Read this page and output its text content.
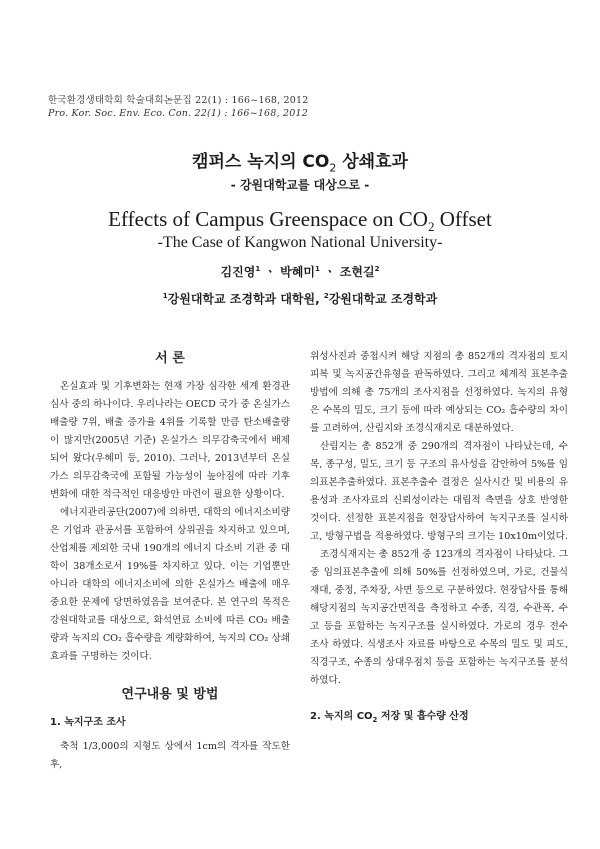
한국환경생태학회 학술대회논문집 22(1) : 166~168, 2012
Pro. Kor. Soc. Env. Eco. Con. 22(1) : 166~168, 2012
캠퍼스 녹지의 $CO_2$ 상쇄효과
- 강원대학교를 대상으로 -
Effects of Campus Greenspace on $CO_2$ Offset
-The Case of Kangwon National University-
김진영$^1$ ㆍ 박혜미$^1$ ㆍ 조현길$^2$
$^1$강원대학교 조경학과 대학원, $^2$강원대학교 조경학과
서 론

온실효과 및 기후변화는 현재 가장 심각한 세계 환경관심사 중의 하나이다. 우리나라는 OECD 국가 중 온실가스 배출량 7위, 배출 증가율 4위를 기록할 만큼 탄소배출량이 많지만(2005년 기준) 온실가스 의무감축국에서 배제되어 왔다(우혜미 등, 2010). 그러나, 2013년부터 온실가스 의무감축국에 포함될 가능성이 높아짐에 따라 기후변화에 대한 적극적인 대응방안 마련이 필요한 상황이다.

에너지관리공단(2007)에 의하면, 대학의 에너지소비량은 기업과 관공서를 포함하여 상위권을 차지하고 있으며, 산업체를 제외한 국내 190개의 에너지 다소비 기관 중 대학이 38개소로서 19%를 차지하고 있다. 이는 기업뿐만 아니라 대학의 에너지소비에 의한 온실가스 배출에 매우 중요한 문제에 당면하였음을 보여준다. 본 연구의 목적은 강원대학교를 대상으로, 화석연료 소비에 따른 CO₂ 배출량과 녹지의 CO₂ 흡수량을 계량화하여, 녹지의 CO₂ 상쇄효과를 구명하는 것이다.

연구내용 및 방법
1. 녹지구조 조사

축척 1/3,000의 지형도 상에서 1cm의 격자를 작도한 후,

위성사진과 중첩시켜 해당 지점의 총 852개의 격자점의 토지피복 및 녹지공간유형을 판독하였다. 그리고 체계적 표본추출방법에 의해 총 75개의 조사지점을 선정하였다. 녹지의 유형은 수목의 밀도, 크기 등에 따라 예상되는 CO₂ 흡수량의 차이를 고려하여, 산림지와 조경식재지로 대분하였다.

산림지는 총 852개 중 290개의 격자점이 나타났는데, 수목, 종구성, 밀도, 크기 등 구조의 유사성을 감안하여 5%를 임의표본추출하였다. 표본추출수 결정은 실사시간 및 비용의 유용성과 조사자료의 신뢰성이라는 대립적 측면을 상호 반영한 것이다. 선정한 표본지점을 현장답사하여 녹지구조를 실시하고, 방형구법을 적용하였다. 방형구의 크기는 10x10m이었다.

조경식재지는 총 852개 중 123개의 격자점이 나타났다. 그 중 임의표본추출에 의해 50%를 선정하였으며, 가로, 건물식재대, 중정, 주차장, 사면 등으로 구분하였다. 현장답사를 통해 해당지점의 녹지공간면적을 측정하고 수종, 직경, 수관폭, 수고 등을 포함하는 녹지구조를 실시하였다. 가로의 경우 전수 조사 하였다. 식생조사 자료를 바탕으로 수목의 밀도 및 피도, 직경구조, 수종의 상대우점치 등을 포함하는 녹지구조를 분석하였다.

2. 녹지의 $CO_2$ 저장 및 흡수량 산정
